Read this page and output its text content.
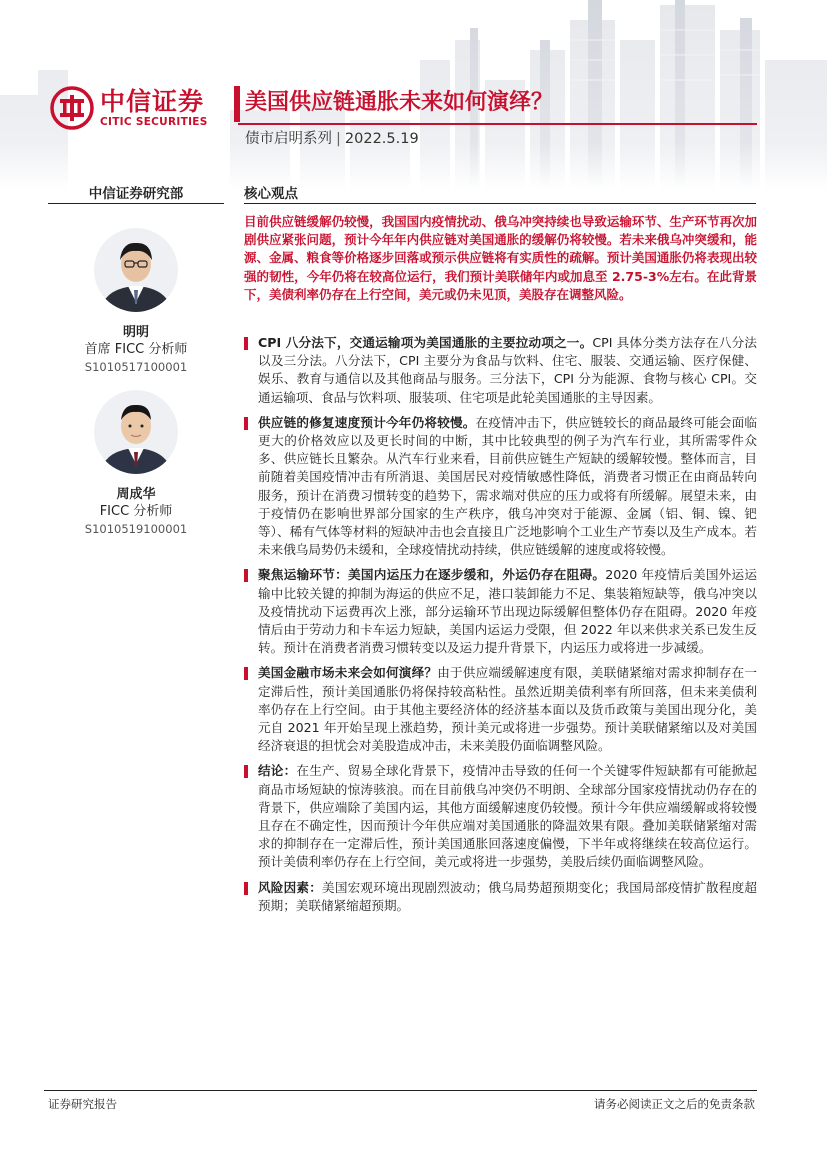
中信证券
CITIC SECURITIES
美国供应链通胀未来如何演绎？
债市启明系列 | 2022.5.19
中信证券研究部
明明
首席 FICC 分析师
S1010517100001
周成华
FICC 分析师
S1010519100001
核心观点
目前供应链缓解仍较慢，我国国内疫情扰动、俄乌冲突持续也导致运输环节、生产环节再次加剧供应紧张问题，预计今年年内供应链对美国通胀的缓解仍将较慢。若未来俄乌冲突缓和，能源、金属、粮食等价格逐步回落或预示供应链将有实质性的疏解。预计美国通胀仍将表现出较强的韧性，今年仍将在较高位运行，我们预计美联储年内或加息至 2.75-3%左右。在此背景下，美债利率仍存在上行空间，美元或仍未见顶，美股存在调整风险。
CPI 八分法下，交通运输项为美国通胀的主要拉动项之一。CPI 具体分类方法存在八分法以及三分法。八分法下，CPI 主要分为食品与饮料、住宅、服装、交通运输、医疗保健、娱乐、教育与通信以及其他商品与服务。三分法下，CPI 分为能源、食物与核心 CPI。交通运输项、食品与饮料项、服装项、住宅项是此轮美国通胀的主导因素。
供应链的修复速度预计今年仍将较慢。在疫情冲击下，供应链较长的商品最终可能会面临更大的价格效应以及更长时间的中断，其中比较典型的例子为汽车行业，其所需零件众多、供应链长且繁杂。从汽车行业来看，目前供应链生产短缺的缓解较慢。整体而言，目前随着美国疫情冲击有所消退、美国居民对疫情敏感性降低，消费者习惯正在由商品转向服务，预计在消费习惯转变的趋势下，需求端对供应的压力或将有所缓解。展望未来，由于疫情仍在影响世界部分国家的生产秩序，俄乌冲突对于能源、金属（铝、铜、镍、钯等）、稀有气体等材料的短缺冲击也会直接且广泛地影响个工业生产节奏以及生产成本。若未来俄乌局势仍未缓和，全球疫情扰动持续，供应链缓解的速度或将较慢。
聚焦运输环节：美国内运压力在逐步缓和，外运仍存在阻碍。2020 年疫情后美国外运运输中比较关键的抑制为海运的供应不足，港口装卸能力不足、集装箱短缺等，俄乌冲突以及疫情扰动下运费再次上涨，部分运输环节出现边际缓解但整体仍存在阻碍。2020 年疫情后由于劳动力和卡车运力短缺，美国内运运力受限，但 2022 年以来供求关系已发生反转。预计在消费者消费习惯转变以及运力提升背景下，内运压力或将进一步减缓。
美国金融市场未来会如何演绎？由于供应端缓解速度有限，美联储紧缩对需求抑制存在一定滞后性，预计美国通胀仍将保持较高粘性。虽然近期美债利率有所回落，但未来美债利率仍存在上行空间。由于其他主要经济体的经济基本面以及货币政策与美国出现分化，美元自 2021 年开始呈现上涨趋势，预计美元或将进一步强势。预计美联储紧缩以及对美国经济衰退的担忧会对美股造成冲击，未来美股仍面临调整风险。
结论：在生产、贸易全球化背景下，疫情冲击导致的任何一个关键零件短缺都有可能掀起商品市场短缺的惊涛骇浪。而在目前俄乌冲突仍不明朗、全球部分国家疫情扰动仍存在的背景下，供应端除了美国内运，其他方面缓解速度仍较慢。预计今年供应端缓解或将较慢且存在不确定性，因而预计今年供应端对美国通胀的降温效果有限。叠加美联储紧缩对需求的抑制存在一定滞后性，预计美国通胀回落速度偏慢，下半年或将继续在较高位运行。预计美债利率仍存在上行空间，美元或将进一步强势，美股后续仍面临调整风险。
风险因素：美国宏观环境出现剧烈波动；俄乌局势超预期变化；我国局部疫情扩散程度超预期；美联储紧缩超预期。
证券研究报告	请务必阅读正文之后的免责条款
